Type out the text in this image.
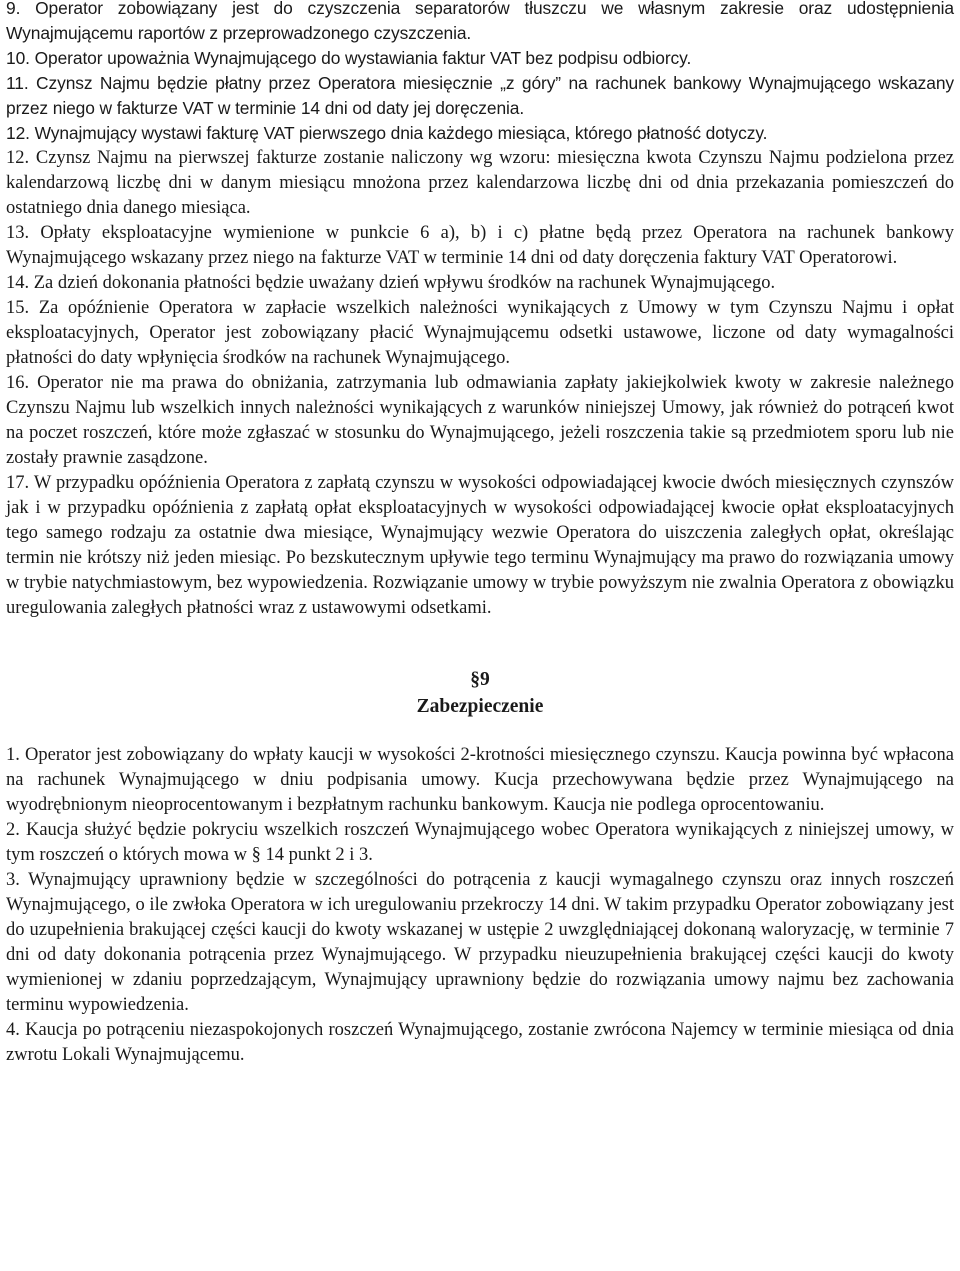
9. Operator zobowiązany jest do czyszczenia separatorów tłuszczu we własnym zakresie oraz udostępnienia Wynajmującemu raportów z przeprowadzonego czyszczenia.

10. Operator upoważnia Wynajmującego do wystawiania faktur VAT bez podpisu odbiorcy.

11. Czynsz Najmu będzie płatny przez Operatora miesięcznie „z góry” na rachunek bankowy Wynajmującego wskazany przez niego w fakturze VAT w terminie 14 dni od daty jej doręczenia.

12. Wynajmujący wystawi fakturę VAT pierwszego dnia każdego miesiąca, którego płatność dotyczy.

12. Czynsz Najmu na pierwszej fakturze zostanie naliczony wg wzoru: miesięczna kwota Czynszu Najmu podzielona przez kalendarzową liczbę dni w danym miesiącu mnożona przez kalendarzowa liczbę dni od dnia przekazania pomieszczeń do ostatniego dnia danego miesiąca.

13. Opłaty eksploatacyjne wymienione w punkcie 6 a), b) i c) płatne będą przez Operatora na rachunek bankowy Wynajmującego wskazany przez niego na fakturze VAT w terminie 14 dni od daty doręczenia faktury VAT Operatorowi.

14. Za dzień dokonania płatności będzie uważany dzień wpływu środków na rachunek Wynajmującego.

15. Za opóźnienie Operatora w zapłacie wszelkich należności wynikających z Umowy w tym Czynszu Najmu i opłat eksploatacyjnych, Operator jest zobowiązany płacić Wynajmującemu odsetki ustawowe, liczone od daty wymagalności płatności do daty wpłynięcia środków na rachunek Wynajmującego.

16. Operator nie ma prawa do obniżania, zatrzymania lub odmawiania zapłaty jakiejkolwiek kwoty w zakresie należnego Czynszu Najmu lub wszelkich innych należności wynikających z warunków niniejszej Umowy, jak również do potrąceń kwot na poczet roszczeń, które może zgłaszać w stosunku do Wynajmującego, jeżeli roszczenia takie są przedmiotem sporu lub nie zostały prawnie zasądzone.

17. W przypadku opóźnienia Operatora z zapłatą czynszu w wysokości odpowiadającej kwocie dwóch miesięcznych czynszów jak i w przypadku opóźnienia z zapłatą opłat eksploatacyjnych w wysokości odpowiadającej kwocie opłat eksploatacyjnych tego samego rodzaju za ostatnie dwa miesiące, Wynajmujący wezwie Operatora do uiszczenia zaległych opłat, określając termin nie krótszy niż jeden miesiąc. Po bezskutecznym upływie tego terminu Wynajmujący ma prawo do rozwiązania umowy w trybie natychmiastowym, bez wypowiedzenia. Rozwiązanie umowy w trybie powyższym nie zwalnia Operatora z obowiązku uregulowania zaległych płatności wraz z ustawowymi odsetkami.

§9
Zabezpieczenie

1. Operator jest zobowiązany do wpłaty kaucji w wysokości 2-krotności miesięcznego czynszu. Kaucja powinna być wpłacona na rachunek Wynajmującego w dniu podpisania umowy. Kucja przechowywana będzie przez Wynajmującego na wyodrębnionym nieoprocentowanym i bezpłatnym rachunku bankowym. Kaucja nie podlega oprocentowaniu.

2. Kaucja służyć będzie pokryciu wszelkich roszczeń Wynajmującego wobec Operatora wynikających z niniejszej umowy, w tym roszczeń o których mowa w § 14 punkt 2 i 3.

3. Wynajmujący uprawniony będzie w szczególności do potrącenia z kaucji wymagalnego czynszu oraz innych roszczeń Wynajmującego, o ile zwłoka Operatora w ich uregulowaniu przekroczy 14 dni. W takim przypadku Operator zobowiązany jest do uzupełnienia brakującej części kaucji do kwoty wskazanej w ustępie 2 uwzględniającej dokonaną waloryzację, w terminie 7 dni od daty dokonania potrącenia przez Wynajmującego. W przypadku nieuzupełnienia brakującej części kaucji do kwoty wymienionej w zdaniu poprzedzającym, Wynajmujący uprawniony będzie do rozwiązania umowy najmu bez zachowania terminu wypowiedzenia.

4. Kaucja po potrąceniu niezaspokojonych roszczeń Wynajmującego, zostanie zwrócona Najemcy w terminie miesiąca od dnia zwrotu Lokali Wynajmującemu.
